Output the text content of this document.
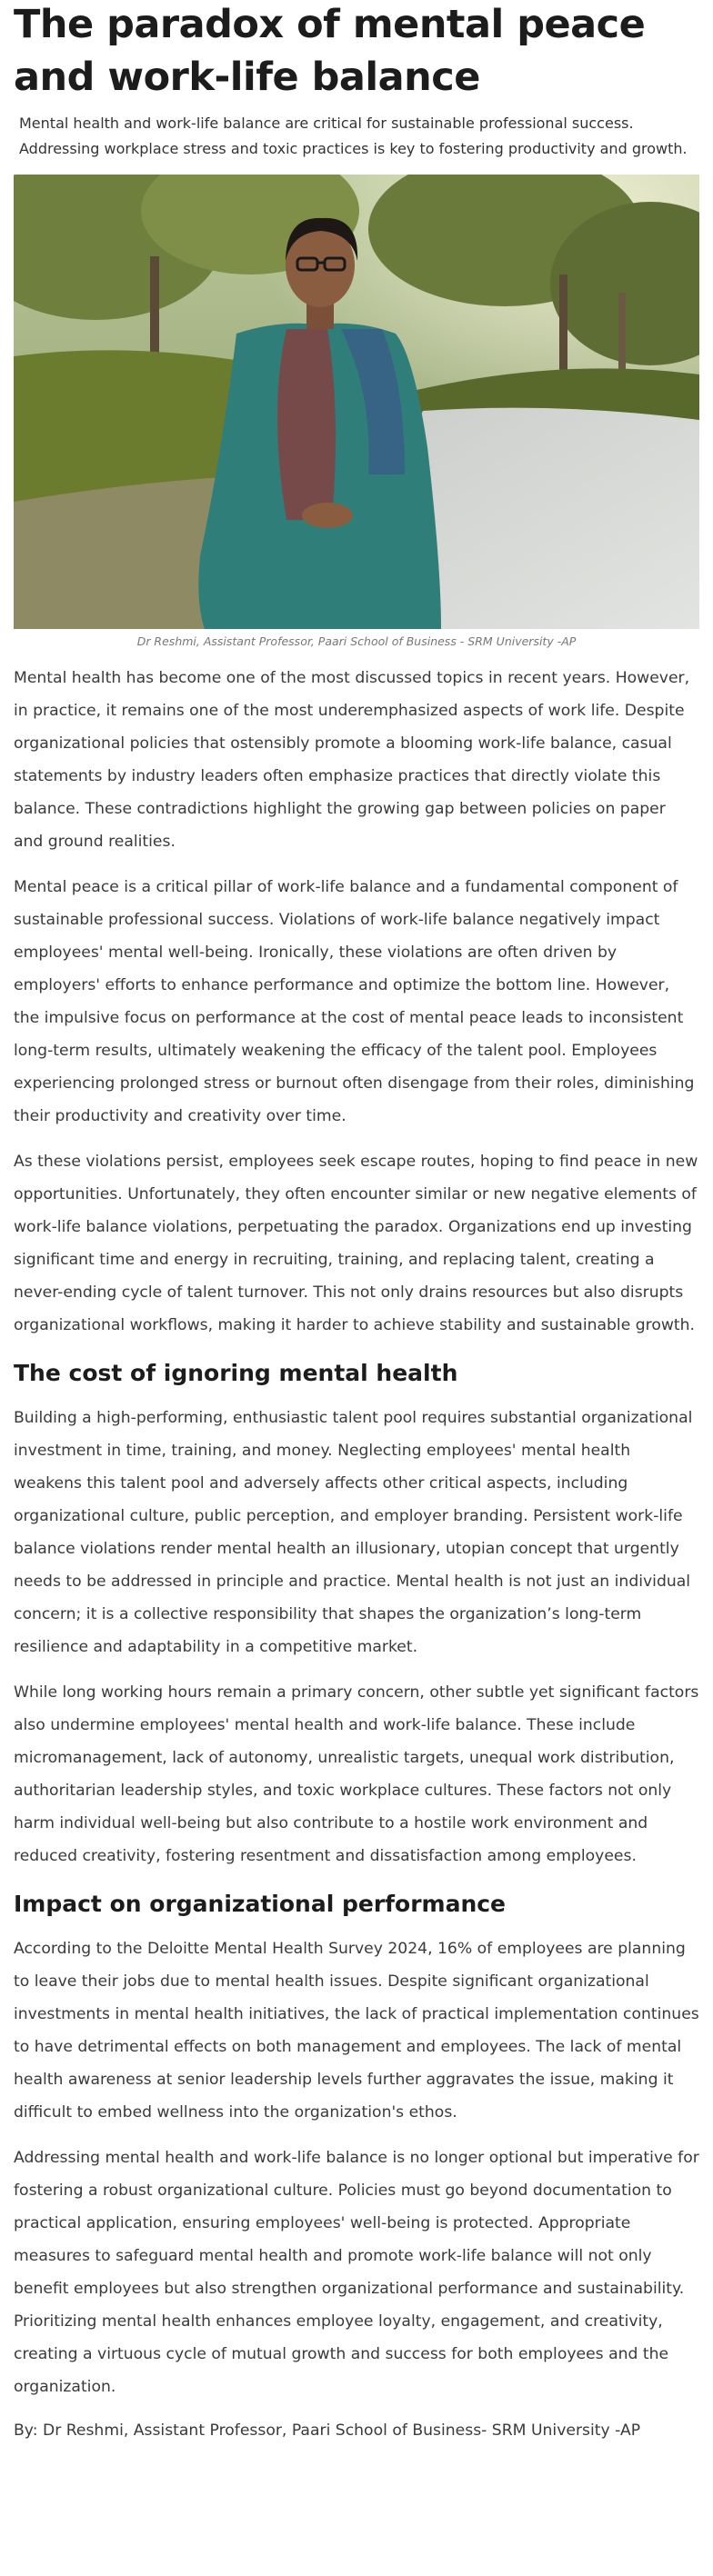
The paradox of mental peace and work-life balance

Mental health and work-life balance are critical for sustainable professional success. Addressing workplace stress and toxic practices is key to fostering productivity and growth.

Dr Reshmi, Assistant Professor, Paari School of Business - SRM University -AP

Mental health has become one of the most discussed topics in recent years. However, in practice, it remains one of the most underemphasized aspects of work life. Despite organizational policies that ostensibly promote a blooming work-life balance, casual statements by industry leaders often emphasize practices that directly violate this balance. These contradictions highlight the growing gap between policies on paper and ground realities.

Mental peace is a critical pillar of work-life balance and a fundamental component of sustainable professional success. Violations of work-life balance negatively impact employees' mental well-being. Ironically, these violations are often driven by employers' efforts to enhance performance and optimize the bottom line. However, the impulsive focus on performance at the cost of mental peace leads to inconsistent long-term results, ultimately weakening the efficacy of the talent pool. Employees experiencing prolonged stress or burnout often disengage from their roles, diminishing their productivity and creativity over time.

As these violations persist, employees seek escape routes, hoping to find peace in new opportunities. Unfortunately, they often encounter similar or new negative elements of work-life balance violations, perpetuating the paradox. Organizations end up investing significant time and energy in recruiting, training, and replacing talent, creating a never-ending cycle of talent turnover. This not only drains resources but also disrupts organizational workflows, making it harder to achieve stability and sustainable growth.

The cost of ignoring mental health

Building a high-performing, enthusiastic talent pool requires substantial organizational investment in time, training, and money. Neglecting employees' mental health weakens this talent pool and adversely affects other critical aspects, including organizational culture, public perception, and employer branding. Persistent work-life balance violations render mental health an illusionary, utopian concept that urgently needs to be addressed in principle and practice. Mental health is not just an individual concern; it is a collective responsibility that shapes the organization’s long-term resilience and adaptability in a competitive market.

While long working hours remain a primary concern, other subtle yet significant factors also undermine employees' mental health and work-life balance. These include micromanagement, lack of autonomy, unrealistic targets, unequal work distribution, authoritarian leadership styles, and toxic workplace cultures. These factors not only harm individual well-being but also contribute to a hostile work environment and reduced creativity, fostering resentment and dissatisfaction among employees.

Impact on organizational performance

According to the Deloitte Mental Health Survey 2024, 16% of employees are planning to leave their jobs due to mental health issues. Despite significant organizational investments in mental health initiatives, the lack of practical implementation continues to have detrimental effects on both management and employees. The lack of mental health awareness at senior leadership levels further aggravates the issue, making it difficult to embed wellness into the organization's ethos.

Addressing mental health and work-life balance is no longer optional but imperative for fostering a robust organizational culture. Policies must go beyond documentation to practical application, ensuring employees' well-being is protected. Appropriate measures to safeguard mental health and promote work-life balance will not only benefit employees but also strengthen organizational performance and sustainability. Prioritizing mental health enhances employee loyalty, engagement, and creativity, creating a virtuous cycle of mutual growth and success for both employees and the organization.

By: Dr Reshmi, Assistant Professor, Paari School of Business- SRM University -AP
